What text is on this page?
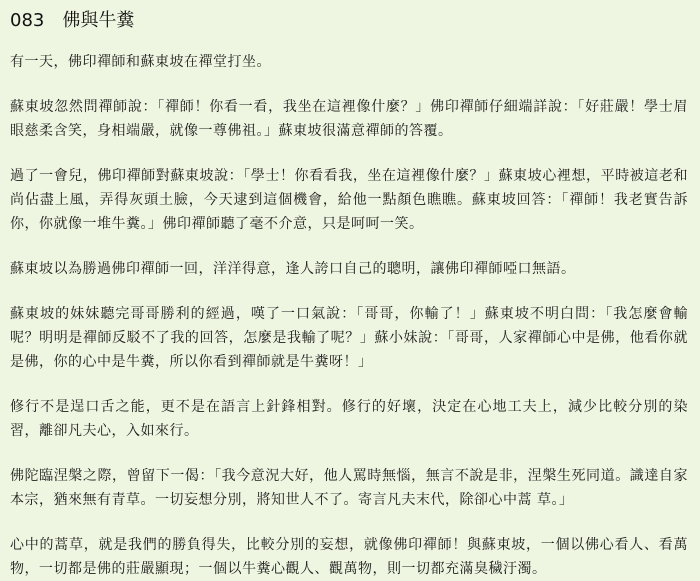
083 佛與牛糞
有一天，佛印禪師和蘇東坡在禪堂打坐。
蘇東坡忽然問禪師說：「禪師！你看一看，我坐在這裡像什麼？」佛印禪師仔細端詳說：「好莊嚴！學士眉眼慈柔含笑，身相端嚴，就像一尊佛祖。」蘇東坡很滿意禪師的答覆。
過了一會兒，佛印禪師對蘇東坡說：「學士！你看看我，坐在這裡像什麼？」蘇東坡心裡想，平時被這老和尚佔盡上風，弄得灰頭土臉，今天逮到這個機會，給他一點顏色瞧瞧。蘇東坡回答：「禪師！我老實告訴你，你就像一堆牛糞。」佛印禪師聽了毫不介意，只是呵呵一笑。
蘇東坡以為勝過佛印禪師一回，洋洋得意，逢人誇口自己的聰明，讓佛印禪師啞口無語。
蘇東坡的妹妹聽完哥哥勝利的經過，嘆了一口氣說：「哥哥，你輸了！」蘇東坡不明白問：「我怎麼會輸呢？明明是禪師反駁不了我的回答，怎麼是我輸了呢？」蘇小妹說：「哥哥，人家禪師心中是佛，他看你就是佛，你的心中是牛糞，所以你看到禪師就是牛糞呀！」
修行不是逞口舌之能，更不是在語言上針鋒相對。修行的好壞，決定在心地工夫上，減少比較分別的染習，離卻凡夫心，入如來行。
佛陀臨涅槃之際，曾留下一偈：「我今意況大好，他人罵時無惱，無言不說是非，涅槃生死同道。識達自家本宗，猶來無有青草。一切妄想分別，將知世人不了。寄言凡夫末代，除卻心中蒿 草。」
心中的蒿草，就是我們的勝負得失，比較分別的妄想，就像佛印禪師！與蘇東坡，一個以佛心看人、看萬物，一切都是佛的莊嚴顯現；一個以牛糞心觀人、觀萬物，則一切都充滿臭穢汙濁。
